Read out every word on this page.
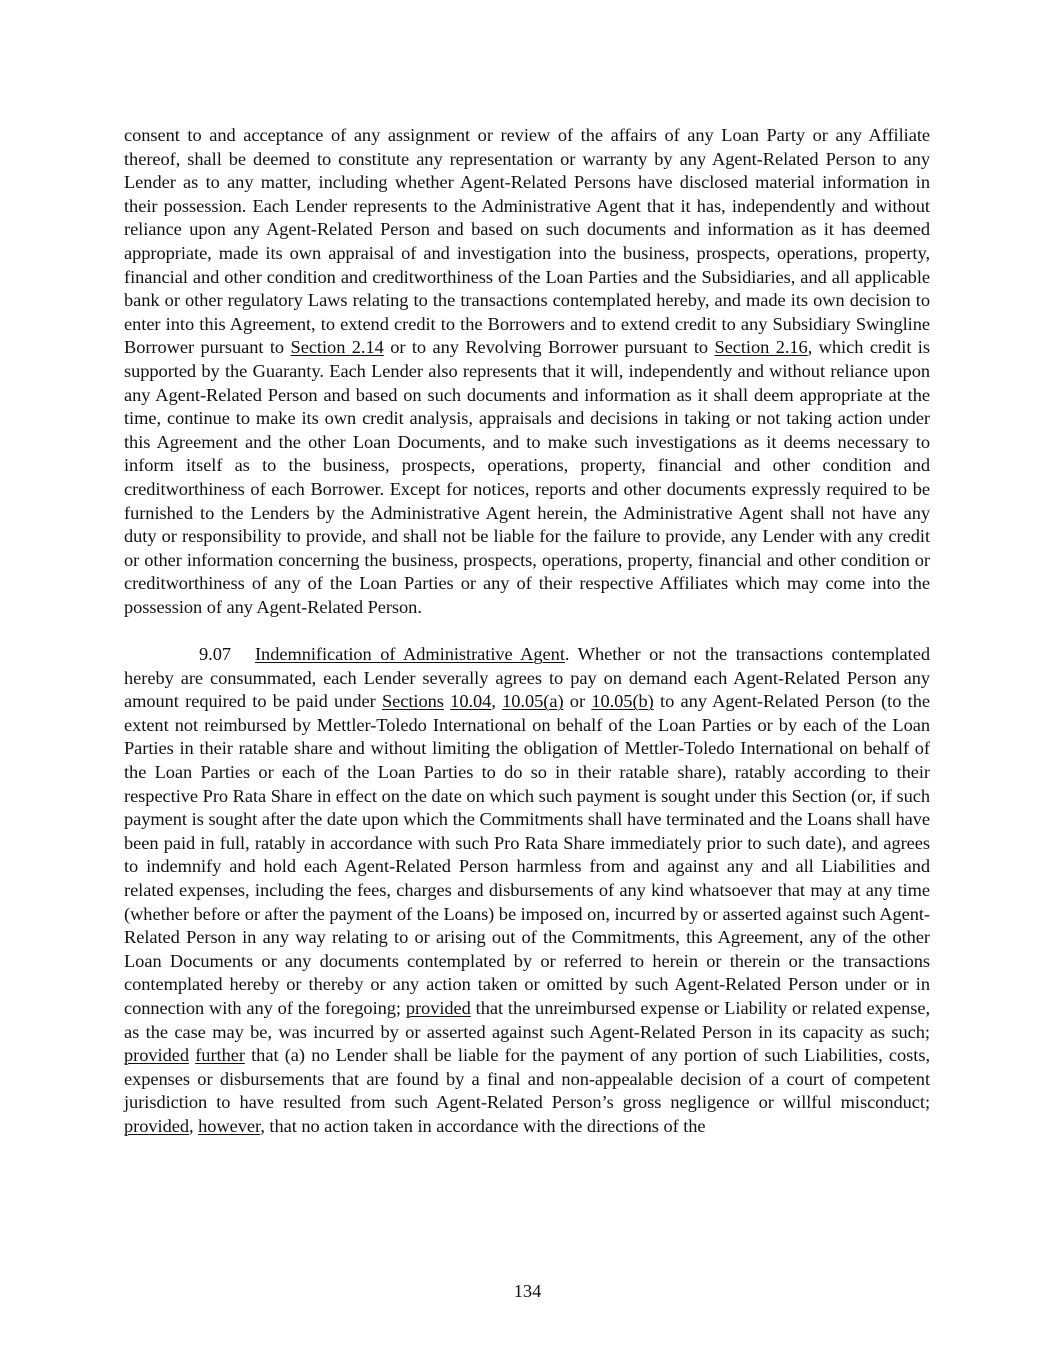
consent to and acceptance of any assignment or review of the affairs of any Loan Party or any Affiliate thereof, shall be deemed to constitute any representation or warranty by any Agent-Related Person to any Lender as to any matter, including whether Agent-Related Persons have disclosed material information in their possession. Each Lender represents to the Administrative Agent that it has, independently and without reliance upon any Agent-Related Person and based on such documents and information as it has deemed appropriate, made its own appraisal of and investigation into the business, prospects, operations, property, financial and other condition and creditworthiness of the Loan Parties and the Subsidiaries, and all applicable bank or other regulatory Laws relating to the transactions contemplated hereby, and made its own decision to enter into this Agreement, to extend credit to the Borrowers and to extend credit to any Subsidiary Swingline Borrower pursuant to Section 2.14 or to any Revolving Borrower pursuant to Section 2.16, which credit is supported by the Guaranty. Each Lender also represents that it will, independently and without reliance upon any Agent-Related Person and based on such documents and information as it shall deem appropriate at the time, continue to make its own credit analysis, appraisals and decisions in taking or not taking action under this Agreement and the other Loan Documents, and to make such investigations as it deems necessary to inform itself as to the business, prospects, operations, property, financial and other condition and creditworthiness of each Borrower. Except for notices, reports and other documents expressly required to be furnished to the Lenders by the Administrative Agent herein, the Administrative Agent shall not have any duty or responsibility to provide, and shall not be liable for the failure to provide, any Lender with any credit or other information concerning the business, prospects, operations, property, financial and other condition or creditworthiness of any of the Loan Parties or any of their respective Affiliates which may come into the possession of any Agent-Related Person.

9.07 Indemnification of Administrative Agent. Whether or not the transactions contemplated hereby are consummated, each Lender severally agrees to pay on demand each Agent-Related Person any amount required to be paid under Sections 10.04, 10.05(a) or 10.05(b) to any Agent-Related Person (to the extent not reimbursed by Mettler-Toledo International on behalf of the Loan Parties or by each of the Loan Parties in their ratable share and without limiting the obligation of Mettler-Toledo International on behalf of the Loan Parties or each of the Loan Parties to do so in their ratable share), ratably according to their respective Pro Rata Share in effect on the date on which such payment is sought under this Section (or, if such payment is sought after the date upon which the Commitments shall have terminated and the Loans shall have been paid in full, ratably in accordance with such Pro Rata Share immediately prior to such date), and agrees to indemnify and hold each Agent-Related Person harmless from and against any and all Liabilities and related expenses, including the fees, charges and disbursements of any kind whatsoever that may at any time (whether before or after the payment of the Loans) be imposed on, incurred by or asserted against such Agent-Related Person in any way relating to or arising out of the Commitments, this Agreement, any of the other Loan Documents or any documents contemplated by or referred to herein or therein or the transactions contemplated hereby or thereby or any action taken or omitted by such Agent-Related Person under or in connection with any of the foregoing; provided that the unreimbursed expense or Liability or related expense, as the case may be, was incurred by or asserted against such Agent-Related Person in its capacity as such; provided further that (a) no Lender shall be liable for the payment of any portion of such Liabilities, costs, expenses or disbursements that are found by a final and non-appealable decision of a court of competent jurisdiction to have resulted from such Agent-Related Person’s gross negligence or willful misconduct; provided, however, that no action taken in accordance with the directions of the

134
